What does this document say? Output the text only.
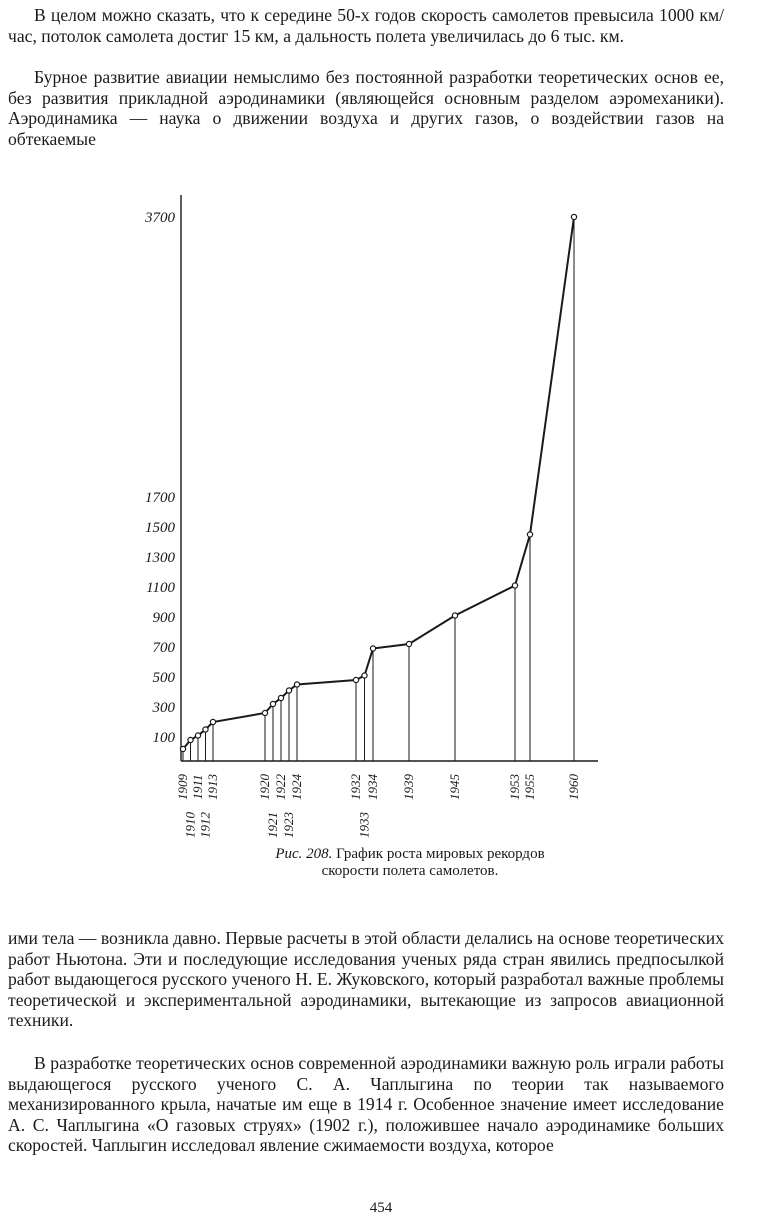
В целом можно сказать, что к середине 50-х годов скорость самолетов превысила 1000 км/час, потолок самолета достиг 15 км, а дальность полета увеличилась до 6 тыс. км.

Бурное развитие авиации немыслимо без постоянной разработки теоретических основ ее, без развития прикладной аэродинамики (являющейся основным разделом аэромеханики). Аэродинамика — наука о движении воздуха и других газов, о воздействии газов на обтекаемые

100
300
500
700
900
1100
1300
1500
1700
3700
1909
1910
1911
1912
1913	1920
1921
1922
1923
1924	1932
1933
1934 1939 1945	1953 1955 1960
Рис. 208. График роста мировых рекордов
скорости полета самолетов.

ими тела — возникла давно. Первые расчеты в этой области делались на основе теоретических работ Ньютона. Эти и последующие исследования ученых ряда стран явились предпосылкой работ выдающегося русского ученого Н. Е. Жуковского, который разработал важные проблемы теоретической и экспериментальной аэродинамики, вытекающие из запросов авиационной техники.

В разработке теоретических основ современной аэродинамики важную роль играли работы выдающегося русского ученого С. А. Чаплыгина по теории так называемого механизированного крыла, начатые им еще в 1914 г. Особенное значение имеет исследование А. С. Чаплыгина «О газовых струях» (1902 г.), положившее начало аэродинамике больших скоростей. Чаплыгин исследовал явление сжимаемости воздуха, которое

454
